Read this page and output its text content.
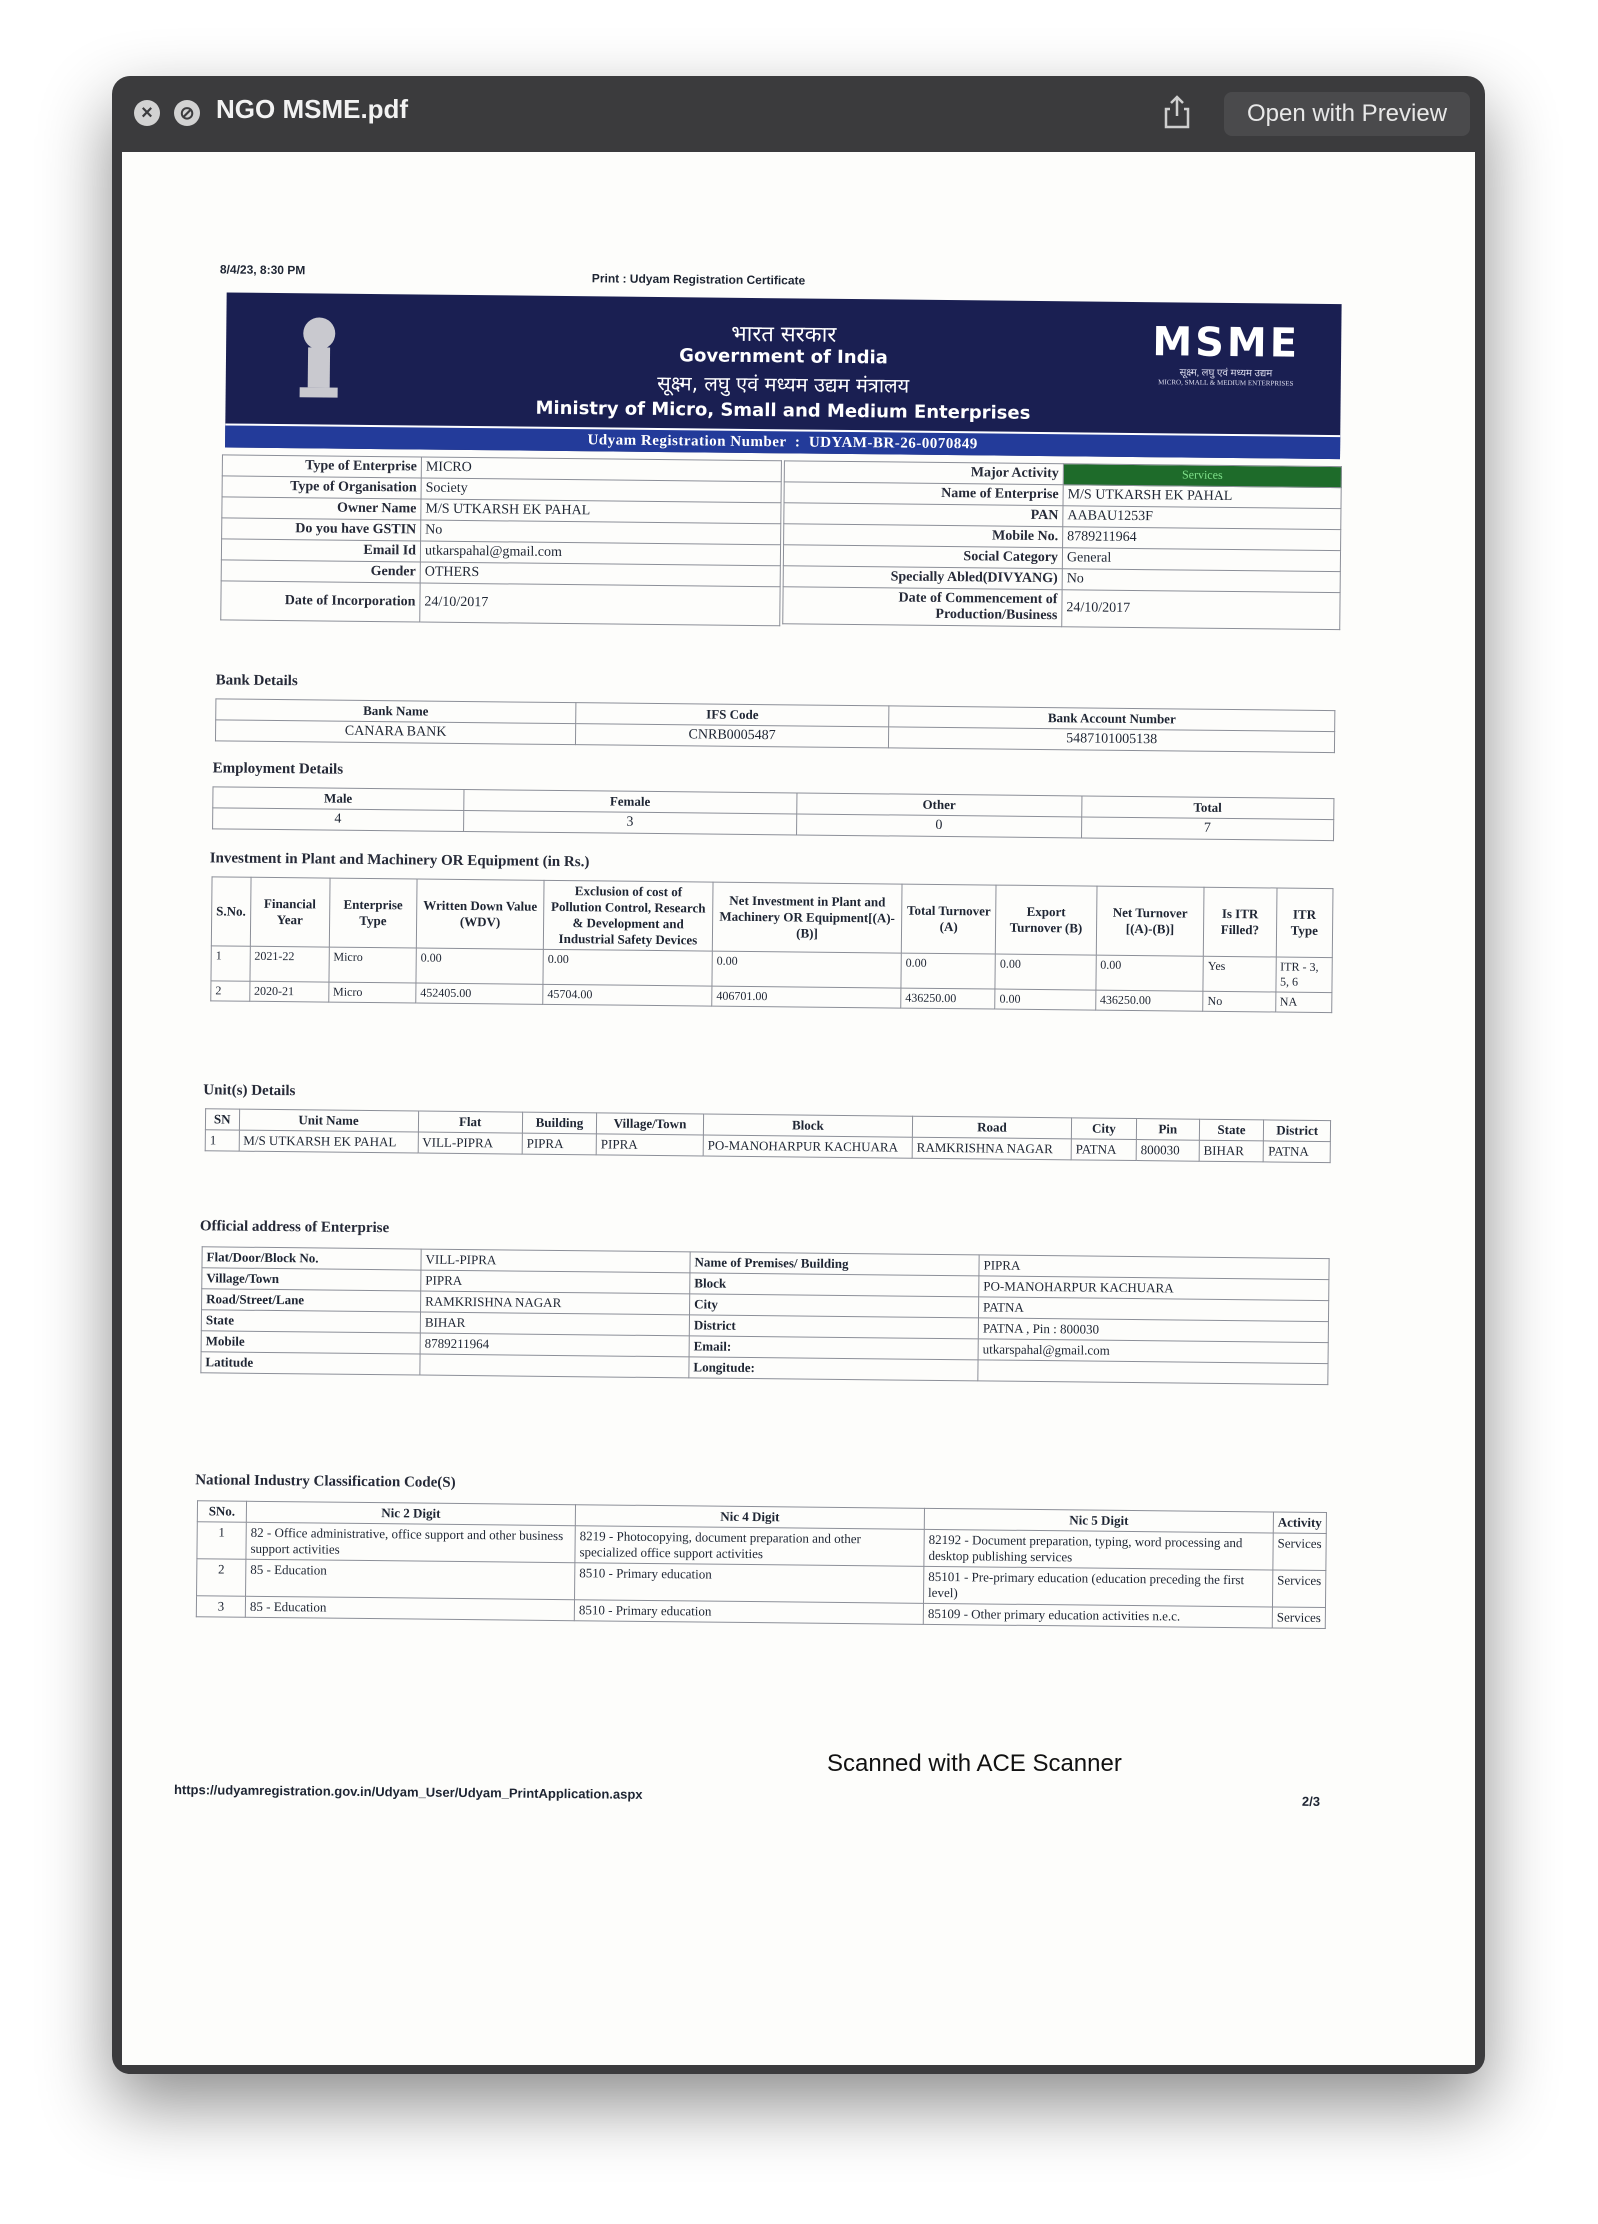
×	⊘ NGO MSME.pdf	Open with Preview
8/4/23, 8:30 PM
Print : Udyam Registration Certificate
भारत सरकार
Government of India
सूक्ष्म, लघु एवं मध्यम उद्यम मंत्रालय
Ministry of Micro, Small and Medium Enterprises
MSME
सूक्ष्म, लघु एवं मध्यम उद्यम
MICRO, SMALL & MEDIUM ENTERPRISES
Udyam Registration Number  :  UDYAM-BR-26-0070849
Type of Enterprise	MICRO
Type of Organisation	Society
Owner Name	M/S UTKARSH EK PAHAL
Do you have GSTIN	No
Email Id	utkarspahal@gmail.com
Gender	OTHERS
Date of Incorporation	24/10/2017
Major Activity	Services
Name of Enterprise	M/S UTKARSH EK PAHAL
PAN	AABAU1253F
Mobile No.	8789211964
Social Category	General
Specially Abled(DIVYANG)	No
Date of Commencement of Production/Business	24/10/2017
Bank Details
Bank Name	IFS Code	Bank Account Number
CANARA BANK	CNRB0005487	5487101005138
Employment Details
Male	Female	Other	Total
4	3	0	7
Investment in Plant and Machinery OR Equipment (in Rs.)
S.No.	Financial Year	Enterprise Type	Written Down Value (WDV)	Exclusion of cost of Pollution Control, Research & Development and Industrial Safety Devices	Net Investment in Plant and Machinery OR Equipment[(A)-(B)]	Total Turnover (A)	Export Turnover (B)	Net Turnover [(A)-(B)]	Is ITR Filled?	ITR Type
1	2021-22	Micro	0.00	0.00	0.00	0.00	0.00	0.00	Yes	ITR - 3, 5, 6
2	2020-21	Micro	452405.00	45704.00	406701.00	436250.00	0.00	436250.00	No	NA
Unit(s) Details
SN	Unit Name	Flat	Building	Village/Town	Block	Road	City	Pin	State	District
1	M/S UTKARSH EK PAHAL	VILL-PIPRA	PIPRA	PIPRA	PO-MANOHARPUR KACHUARA	RAMKRISHNA NAGAR	PATNA	800030	BIHAR	PATNA
Official address of Enterprise
Flat/Door/Block No.	VILL-PIPRA	Name of Premises/ Building	PIPRA
Village/Town	PIPRA	Block	PO-MANOHARPUR KACHUARA
Road/Street/Lane	RAMKRISHNA NAGAR	City	PATNA
State	BIHAR	District	PATNA , Pin : 800030
Mobile	8789211964	Email:	utkarspahal@gmail.com
Latitude		Longitude:	
National Industry Classification Code(S)
SNo.	Nic 2 Digit	Nic 4 Digit	Nic 5 Digit	Activity
1	82 - Office administrative, office support and other business support activities	8219 - Photocopying, document preparation and other specialized office support activities	82192 - Document preparation, typing, word processing and desktop publishing services	Services
2	85 - Education	8510 - Primary education	85101 - Pre-primary education (education preceding the first level)	Services
3	85 - Education	8510 - Primary education	85109 - Other primary education activities n.e.c.	Services
https://udyamregistration.gov.in/Udyam_User/Udyam_PrintApplication.aspx	2/3
Scanned with ACE Scanner
